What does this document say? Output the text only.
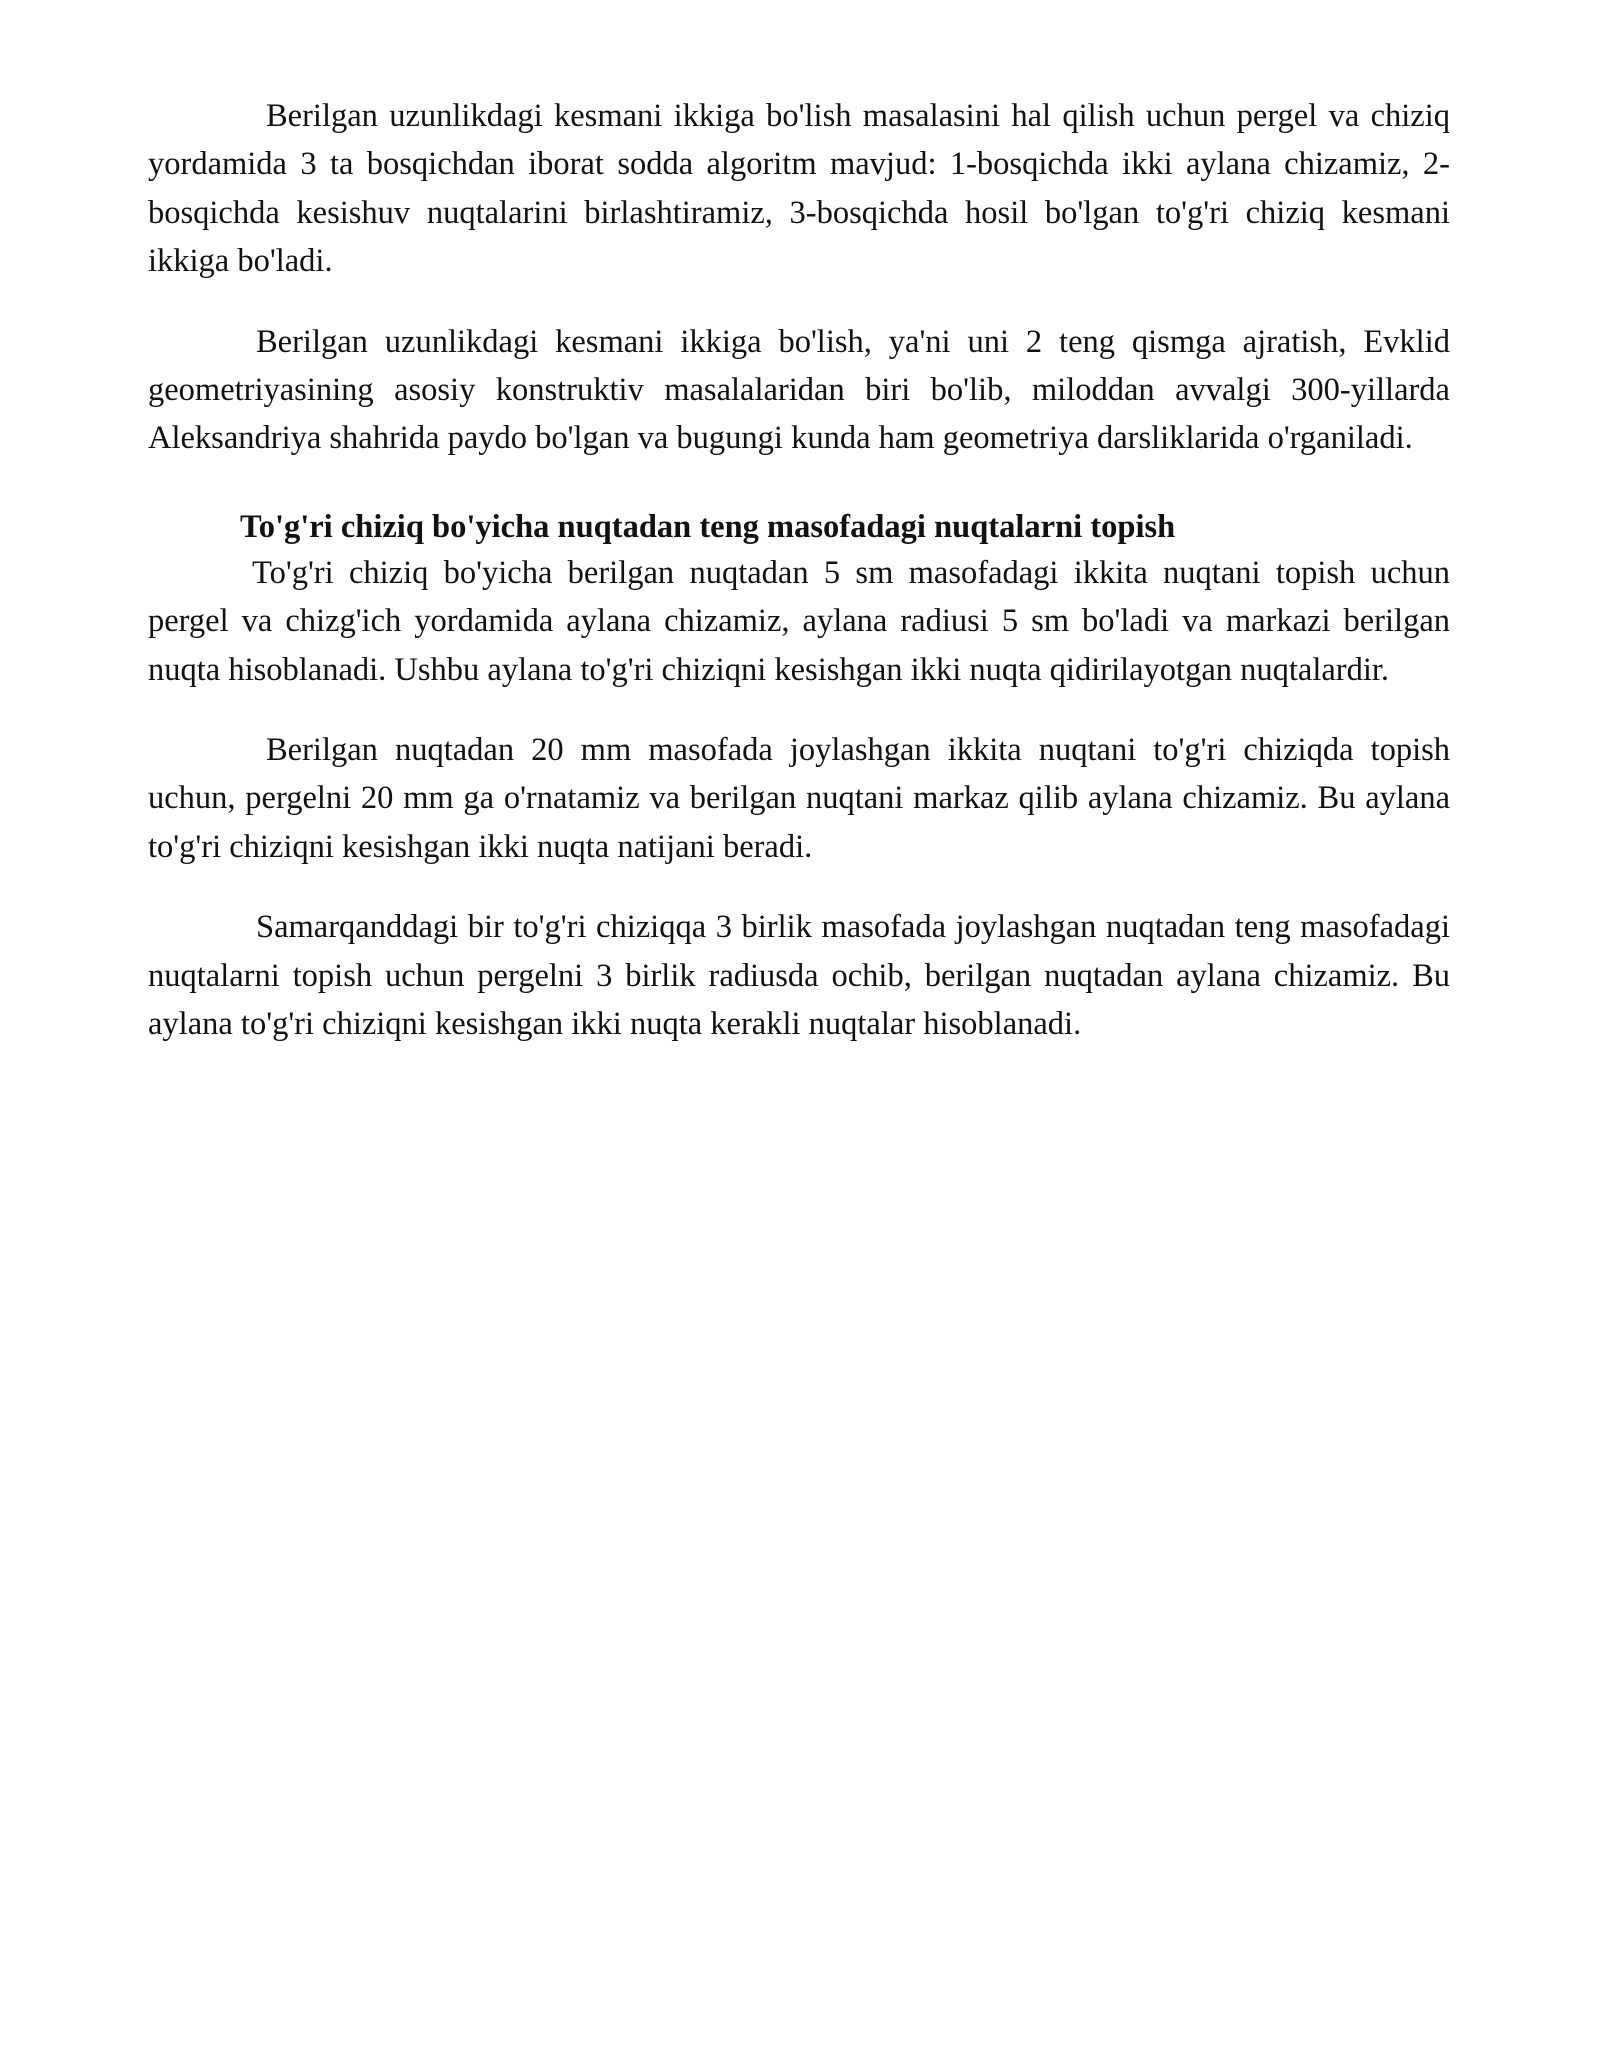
Berilgan uzunlikdagi kesmani ikkiga bo'lish masalasini hal qilish uchun pergel va chiziq yordamida 3 ta bosqichdan iborat sodda algoritm mavjud: 1-bosqichda ikki aylana chizamiz, 2-bosqichda kesishuv nuqtalarini birlashtiramiz, 3-bosqichda hosil bo'lgan to'g'ri chiziq kesmani ikkiga bo'ladi.

Berilgan uzunlikdagi kesmani ikkiga bo'lish, ya'ni uni 2 teng qismga ajratish, Evklid geometriyasining asosiy konstruktiv masalalaridan biri bo'lib, miloddan avvalgi 300-yillarda Aleksandriya shahrida paydo bo'lgan va bugungi kunda ham geometriya darsliklarida o'rganiladi.

To'g'ri chiziq bo'yicha nuqtadan teng masofadagi nuqtalarni topish

To'g'ri chiziq bo'yicha berilgan nuqtadan 5 sm masofadagi ikkita nuqtani topish uchun pergel va chizg'ich yordamida aylana chizamiz, aylana radiusi 5 sm bo'ladi va markazi berilgan nuqta hisoblanadi. Ushbu aylana to'g'ri chiziqni kesishgan ikki nuqta qidirilayotgan nuqtalardir.

Berilgan nuqtadan 20 mm masofada joylashgan ikkita nuqtani to'g'ri chiziqda topish uchun, pergelni 20 mm ga o'rnatamiz va berilgan nuqtani markaz qilib aylana chizamiz. Bu aylana to'g'ri chiziqni kesishgan ikki nuqta natijani beradi.

Samarqanddagi bir to'g'ri chiziqqa 3 birlik masofada joylashgan nuqtadan teng masofadagi nuqtalarni topish uchun pergelni 3 birlik radiusda ochib, berilgan nuqtadan aylana chizamiz. Bu aylana to'g'ri chiziqni kesishgan ikki nuqta kerakli nuqtalar hisoblanadi.
